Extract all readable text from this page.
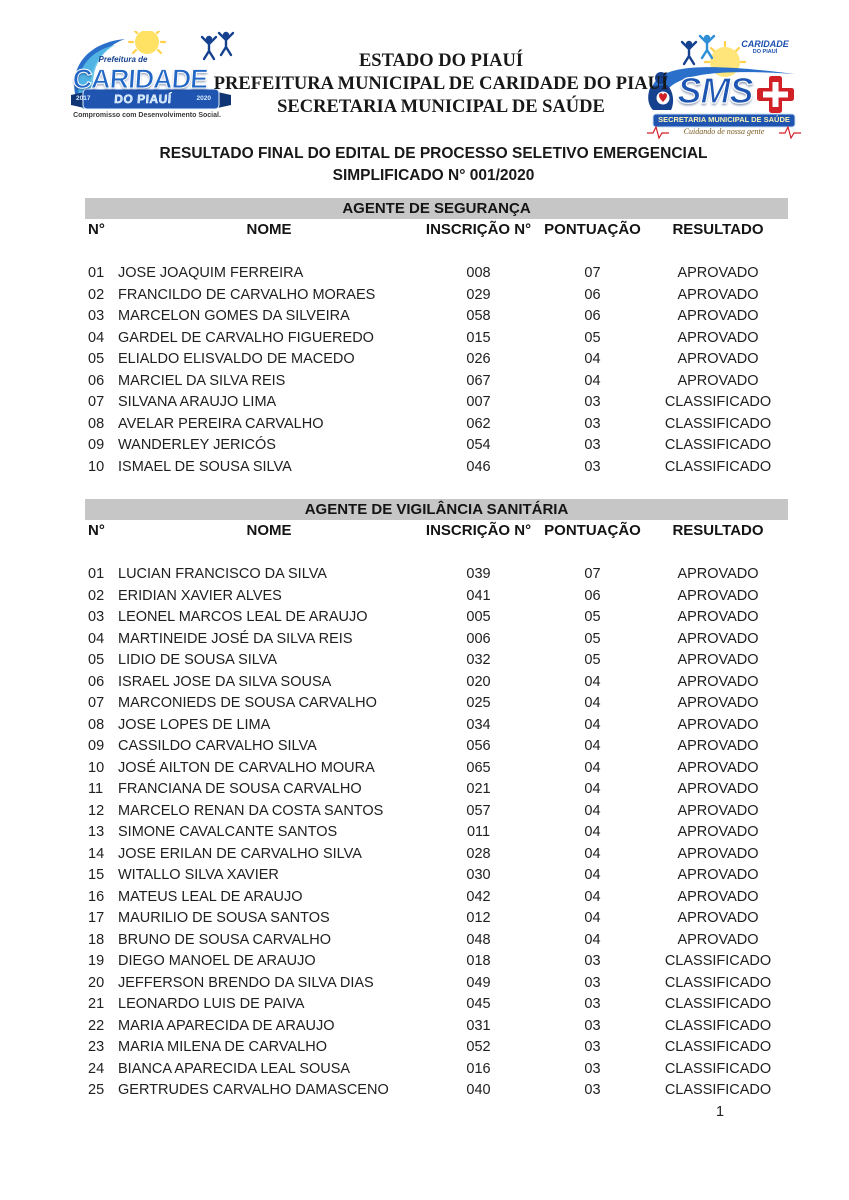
Prefeitura de
CARIDADE
2017	DO PIAUÍ	2020
Compromisso com Desenvolvimento Social.
CARIDADE
DO PIAUÍ
SMS
SECRETARIA MUNICIPAL DE SAÚDE
Cuidando de nossa gente
ESTADO DO PIAUÍ
PREFEITURA MUNICIPAL DE CARIDADE DO PIAUÍ
SECRETARIA MUNICIPAL DE SAÚDE
RESULTADO FINAL DO EDITAL DE PROCESSO SELETIVO EMERGENCIAL
SIMPLIFICADO N° 001/2020
AGENTE DE SEGURANÇA
N°	NOME	INSCRIÇÃO N° PONTUAÇÃO	RESULTADO
01 JOSE JOAQUIM FERREIRA	008	07	APROVADO
02 FRANCILDO DE CARVALHO MORAES	029	06	APROVADO
03 MARCELON GOMES DA SILVEIRA	058	06	APROVADO
04 GARDEL DE CARVALHO FIGUEREDO	015	05	APROVADO
05 ELIALDO ELISVALDO DE MACEDO	026	04	APROVADO
06 MARCIEL DA SILVA REIS	067	04	APROVADO
07 SILVANA ARAUJO LIMA	007	03	CLASSIFICADO
08 AVELAR PEREIRA CARVALHO	062	03	CLASSIFICADO
09 WANDERLEY JERICÓS	054	03	CLASSIFICADO
10 ISMAEL DE SOUSA SILVA	046	03	CLASSIFICADO
AGENTE DE VIGILÂNCIA SANITÁRIA
N°	NOME	INSCRIÇÃO N° PONTUAÇÃO	RESULTADO
01 LUCIAN FRANCISCO DA SILVA	039	07	APROVADO
02 ERIDIAN XAVIER ALVES	041	06	APROVADO
03 LEONEL MARCOS LEAL DE ARAUJO	005	05	APROVADO
04 MARTINEIDE JOSÉ DA SILVA REIS	006	05	APROVADO
05 LIDIO DE SOUSA SILVA	032	05	APROVADO
06 ISRAEL JOSE DA SILVA SOUSA	020	04	APROVADO
07 MARCONIEDS DE SOUSA CARVALHO	025	04	APROVADO
08 JOSE LOPES DE LIMA	034	04	APROVADO
09 CASSILDO CARVALHO SILVA	056	04	APROVADO
10 JOSÉ AILTON DE CARVALHO MOURA	065	04	APROVADO
11	FRANCIANA DE SOUSA CARVALHO	021	04	APROVADO
12 MARCELO RENAN DA COSTA SANTOS	057	04	APROVADO
13 SIMONE CAVALCANTE SANTOS	011	04	APROVADO
14 JOSE ERILAN DE CARVALHO SILVA	028	04	APROVADO
15 WITALLO SILVA XAVIER	030	04	APROVADO
16 MATEUS LEAL DE ARAUJO	042	04	APROVADO
17 MAURILIO DE SOUSA SANTOS	012	04	APROVADO
18 BRUNO DE SOUSA CARVALHO	048	04	APROVADO
19 DIEGO MANOEL DE ARAUJO	018	03	CLASSIFICADO
20 JEFFERSON BRENDO DA SILVA DIAS	049	03	CLASSIFICADO
21 LEONARDO LUIS DE PAIVA	045	03	CLASSIFICADO
22 MARIA APARECIDA DE ARAUJO	031	03	CLASSIFICADO
23 MARIA MILENA DE CARVALHO	052	03	CLASSIFICADO
24 BIANCA APARECIDA LEAL SOUSA	016	03	CLASSIFICADO
25 GERTRUDES CARVALHO DAMASCENO	040	03	CLASSIFICADO
1
